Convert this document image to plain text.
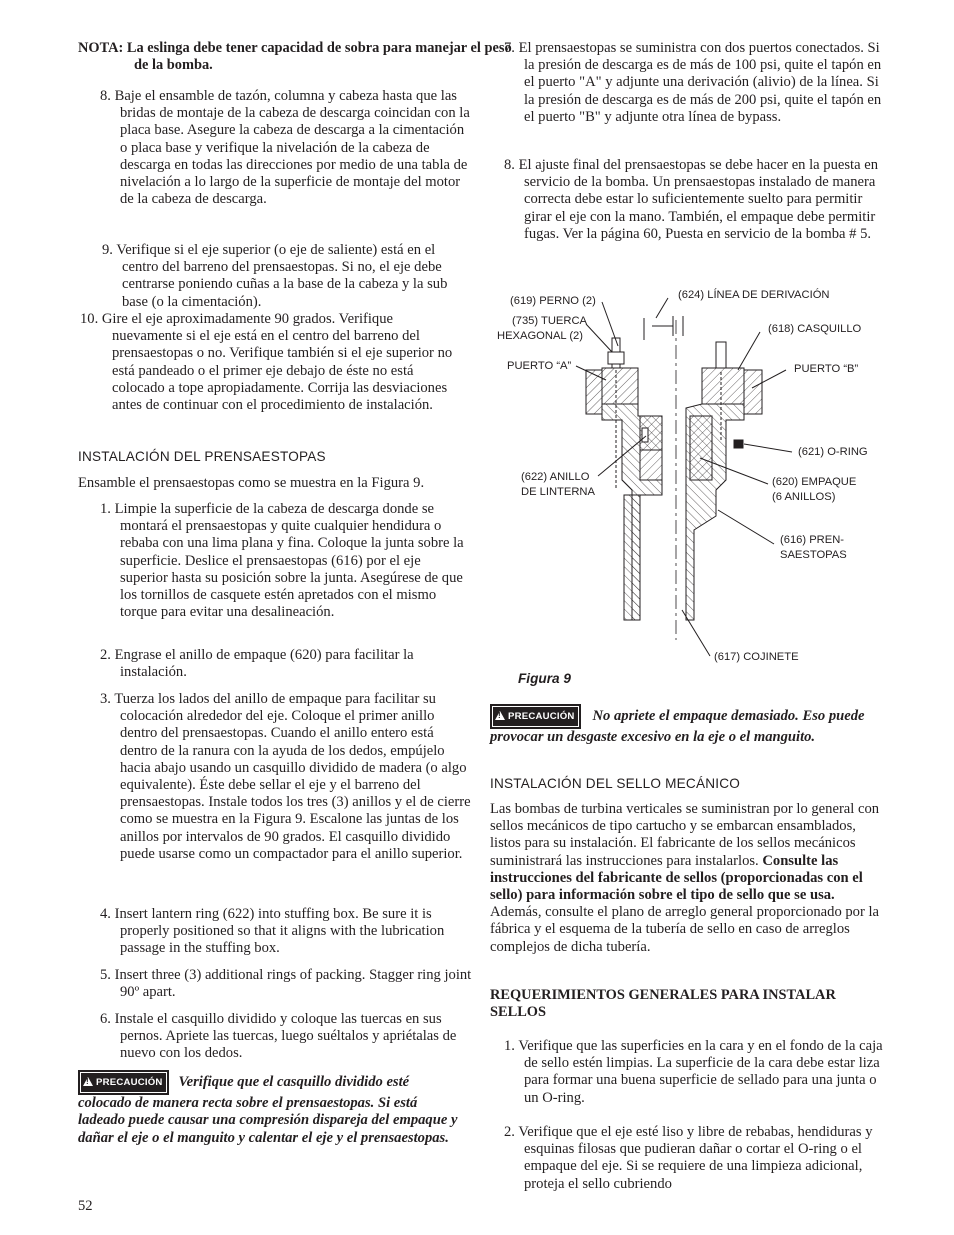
NOTA: La eslinga debe tener capacidad de sobra para manejar el peso de la bomba.

8. Baje el ensamble de tazón, columna y cabeza hasta que las bridas de montaje de la cabeza de descarga coincidan con la placa base. Asegure la cabeza de descarga a la cimentación o placa base y verifique la nivelación de la cabeza de descarga en todas las direcciones por medio de una tabla de nivelación a lo largo de la superficie de montaje del motor de la cabeza de descarga.

9. Verifique si el eje superior (o eje de saliente) está en el centro del barreno del prensaestopas. Si no, el eje debe centrarse poniendo cuñas a la base de la cabeza y la sub base (o la cimentación).

10. Gire el eje aproximadamente 90 grados. Verifique nuevamente si el eje está en el centro del barreno del prensaestopas o no. Verifique también si el eje superior no está pandeado o el primer eje debajo de éste no está colocado a tope apropiadamente. Corrija las desviaciones antes de continuar con el procedimiento de instalación.

INSTALACIÓN DEL PRENSAESTOPAS

Ensamble el prensaestopas como se muestra en la Figura 9.

1. Limpie la superficie de la cabeza de descarga donde se montará el prensaestopas y quite cualquier hendidura o rebaba con una lima plana y fina. Coloque la junta sobre la superficie. Deslice el prensaestopas (616) por el eje superior hasta su posición sobre la junta. Asegúrese de que los tornillos de casquete estén apretados con el mismo torque para evitar una desalineación.

2. Engrase el anillo de empaque (620) para facilitar la instalación.

3. Tuerza los lados del anillo de empaque para facilitar su colocación alrededor del eje. Coloque el primer anillo dentro del prensaestopas. Cuando el anillo entero está dentro de la ranura con la ayuda de los dedos, empújelo hacia abajo usando un casquillo dividido de madera (o algo equivalente). Éste debe sellar el eje y el barreno del prensaestopas. Instale todos los tres (3) anillos y el de cierre como se muestra en la Figura 9. Escalone las juntas de los anillos por intervalos de 90 grados. El casquillo dividido puede usarse como un compactador para el anillo superior.

4. Insert lantern ring (622) into stuffing box. Be sure it is properly positioned so that it aligns with the lubrication passage in the stuffing box.

5. Insert three (3) additional rings of packing. Stagger ring joint 90º apart.

6. Instale el casquillo dividido y coloque las tuercas en sus pernos. Apriete las tuercas, luego suéltalos y apriétalas de nuevo con los dedos.

!PRECAUCIÓN Verifique que el casquillo dividido esté colocado de manera recta sobre el prensaestopas. Si está ladeado puede causar una compresión dispareja del empaque y dañar el eje o el manguito y calentar el eje y el prensaestopas.

7. El prensaestopas se suministra con dos puertos conectados. Si la presión de descarga es de más de 100 psi, quite el tapón en el puerto "A" y adjunte una derivación (alivio) de la línea. Si la presión de descarga es de más de 200 psi, quite el tapón en el puerto "B" y adjunte otra línea de bypass.

8. El ajuste final del prensaestopas se debe hacer en la puesta en servicio de la bomba. Un prensaestopas instalado de manera correcta debe estar lo suficientemente suelto para permitir girar el eje con la mano. También, el empaque debe permitir fugas. Ver la página 60, Puesta en servicio de la bomba # 5.

(619) PERNO (2)	(624) LÍNEA DE DERIVACIÓN
(735) TUERCA
HEXAGONAL (2)
(618) CASQUILLO
PUERTO “A”	PUERTO “B”
(621) O-RING
(622) ANILLO
DE LINTERNA
(620) EMPAQUE
(6 ANILLOS)
(616) PREN-
SAESTOPAS
(617) COJINETE

Figura 9

!PRECAUCIÓN No apriete el empaque demasiado. Eso puede provocar un desgaste excesivo en la eje o el manguito.

INSTALACIÓN DEL SELLO MECÁNICO

Las bombas de turbina verticales se suministran por lo general con sellos mecánicos de tipo cartucho y se embarcan ensamblados, listos para su instalación. El fabricante de los sellos mecánicos suministrará las instrucciones para instalarlos. Consulte las instrucciones del fabricante de sellos (proporcionadas con el sello) para información sobre el tipo de sello que se usa. Además, consulte el plano de arreglo general proporcionado por la fábrica y el esquema de la tubería de sello en caso de arreglos complejos de dicha tubería.

REQUERIMIENTOS GENERALES PARA INSTALAR SELLOS

1. Verifique que las superficies en la cara y en el fondo de la caja de sello estén limpias. La superficie de la cara debe estar liza para formar una buena superficie de sellado para una junta o un O-ring.

2. Verifique que el eje esté liso y libre de rebabas, hendiduras y esquinas filosas que pudieran dañar o cortar el O-ring o el empaque del eje. Si se requiere de una limpieza adicional, proteja el sello cubriendo

52
